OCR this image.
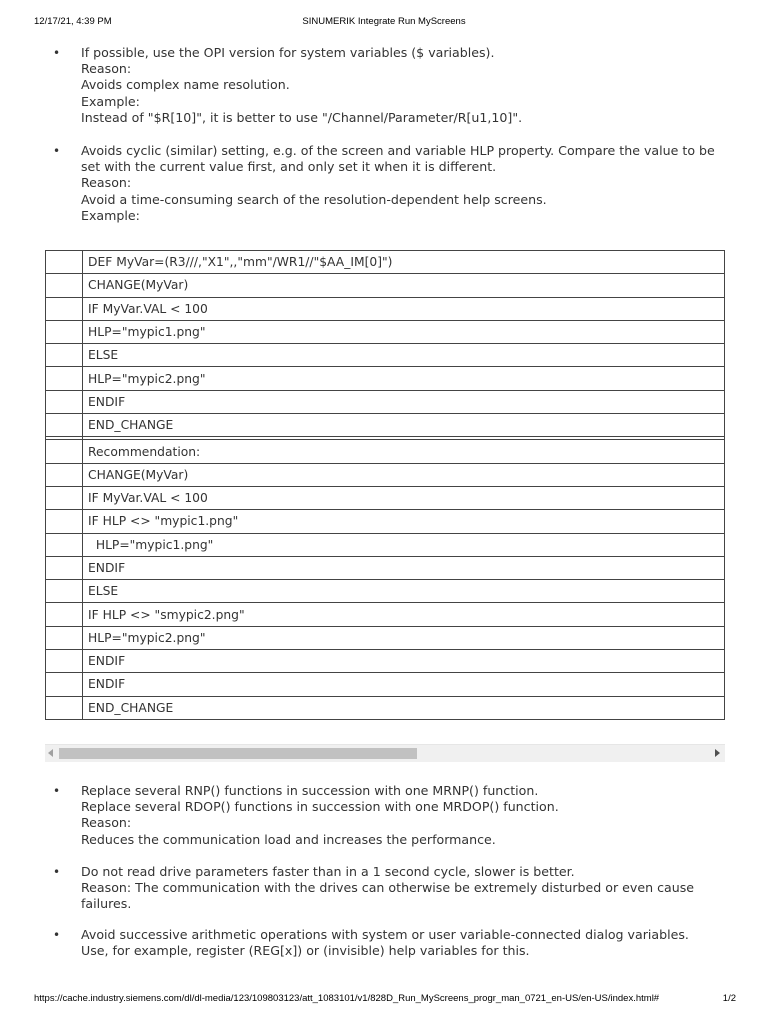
12/17/21, 4:39 PM	SINUMERIK Integrate Run MyScreens
• If possible, use the OPI version for system variables ($ variables).
Reason:
Avoids complex name resolution.
Example:
Instead of "$R[10]", it is better to use "/Channel/Parameter/R[u1,10]".
• Avoids cyclic (similar) setting, e.g. of the screen and variable HLP property. Compare the value to be set with the current value first, and only set it when it is different.
Reason:
Avoid a time-consuming search of the resolution-dependent help screens.
Example:
	DEF MyVar=(R3///,"X1",,"mm"/WR1//"$AA_IM[0]")
	CHANGE(MyVar)
	IF MyVar.VAL < 100
	HLP="mypic1.png"
	ELSE
	HLP="mypic2.png"
	ENDIF
	END_CHANGE

	Recommendation:
	CHANGE(MyVar)
	IF MyVar.VAL < 100
	IF HLP <> "mypic1.png"
	HLP="mypic1.png"
	ENDIF
	ELSE
	IF HLP <> "smypic2.png"
	HLP="mypic2.png"
	ENDIF
	ENDIF
	END_CHANGE
• Replace several RNP() functions in succession with one MRNP() function.
Replace several RDOP() functions in succession with one MRDOP() function.
Reason:
Reduces the communication load and increases the performance.
• Do not read drive parameters faster than in a 1 second cycle, slower is better.
Reason: The communication with the drives can otherwise be extremely disturbed or even cause failures.
• Avoid successive arithmetic operations with system or user variable-connected dialog variables.
Use, for example, register (REG[x]) or (invisible) help variables for this.
https://cache.industry.siemens.com/dl/dl-media/123/109803123/att_1083101/v1/828D_Run_MyScreens_progr_man_0721_en-US/en-US/index.html#	1/2
